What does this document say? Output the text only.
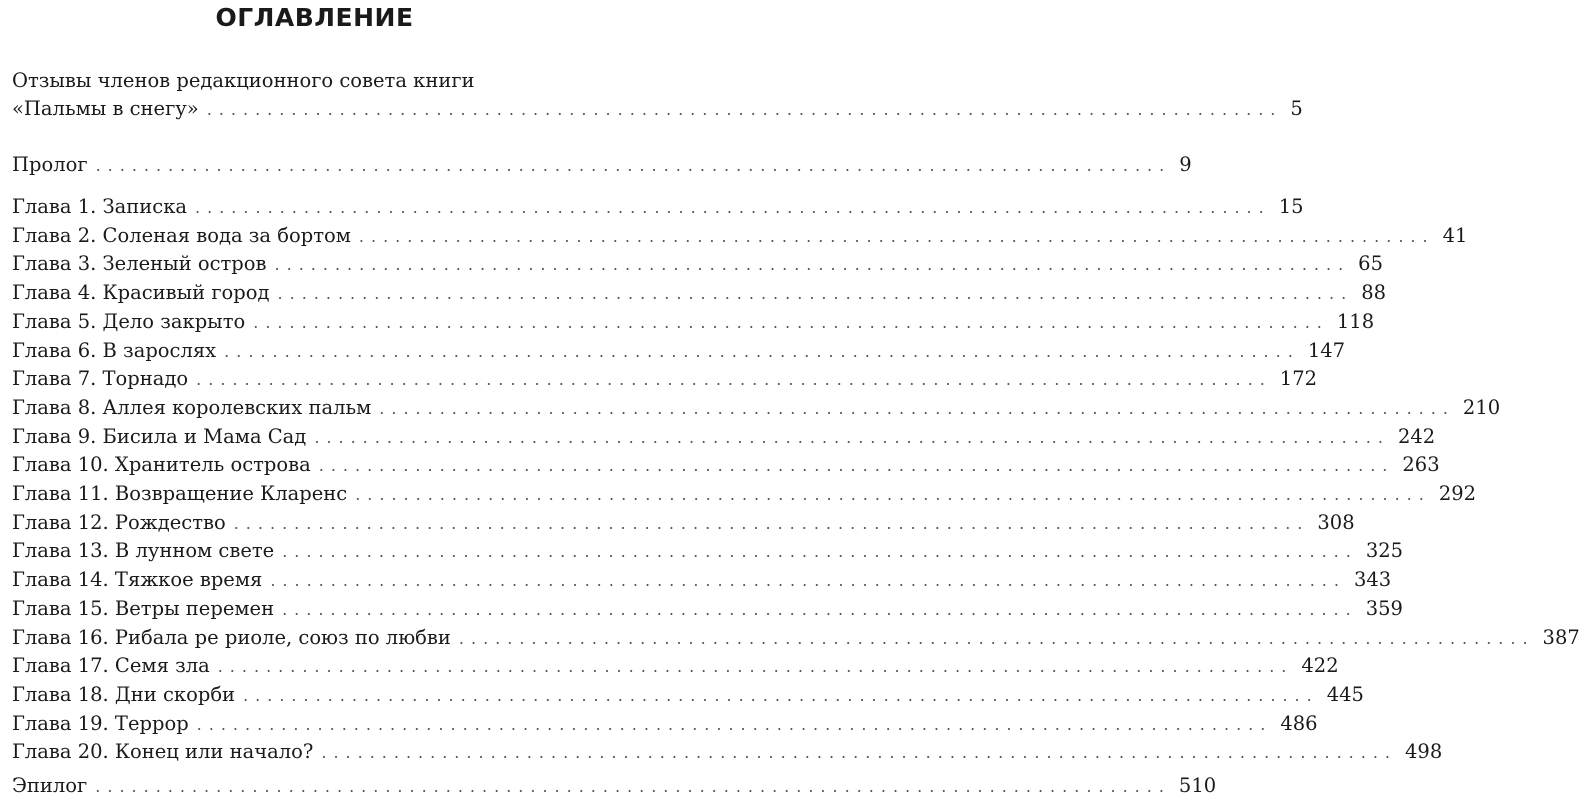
ОГЛАВЛЕНИЕ
Отзывы членов редакционного совета книги
«Пальмы в снегу» ......................................................................................... 5
Пролог ......................................................................................... 9
Глава 1. Записка ......................................................................................... 15
Глава 2. Соленая вода за бортом ......................................................................................... 41
Глава 3. Зеленый остров ......................................................................................... 65
Глава 4. Красивый город ......................................................................................... 88
Глава 5. Дело закрыто ......................................................................................... 118
Глава 6. В зарослях ......................................................................................... 147
Глава 7. Торнадо ......................................................................................... 172
Глава 8. Аллея королевских пальм ......................................................................................... 210
Глава 9. Бисила и Мама Сад ......................................................................................... 242
Глава 10. Хранитель острова ......................................................................................... 263
Глава 11. Возвращение Кларенс ......................................................................................... 292
Глава 12. Рождество ......................................................................................... 308
Глава 13. В лунном свете ......................................................................................... 325
Глава 14. Тяжкое время ......................................................................................... 343
Глава 15. Ветры перемен ......................................................................................... 359
Глава 16. Рибала ре риоле, союз по любви ......................................................................................... 387
Глава 17. Семя зла ......................................................................................... 422
Глава 18. Дни скорби ......................................................................................... 445
Глава 19. Террор ......................................................................................... 486
Глава 20. Конец или начало? ......................................................................................... 498
Эпилог ......................................................................................... 510
